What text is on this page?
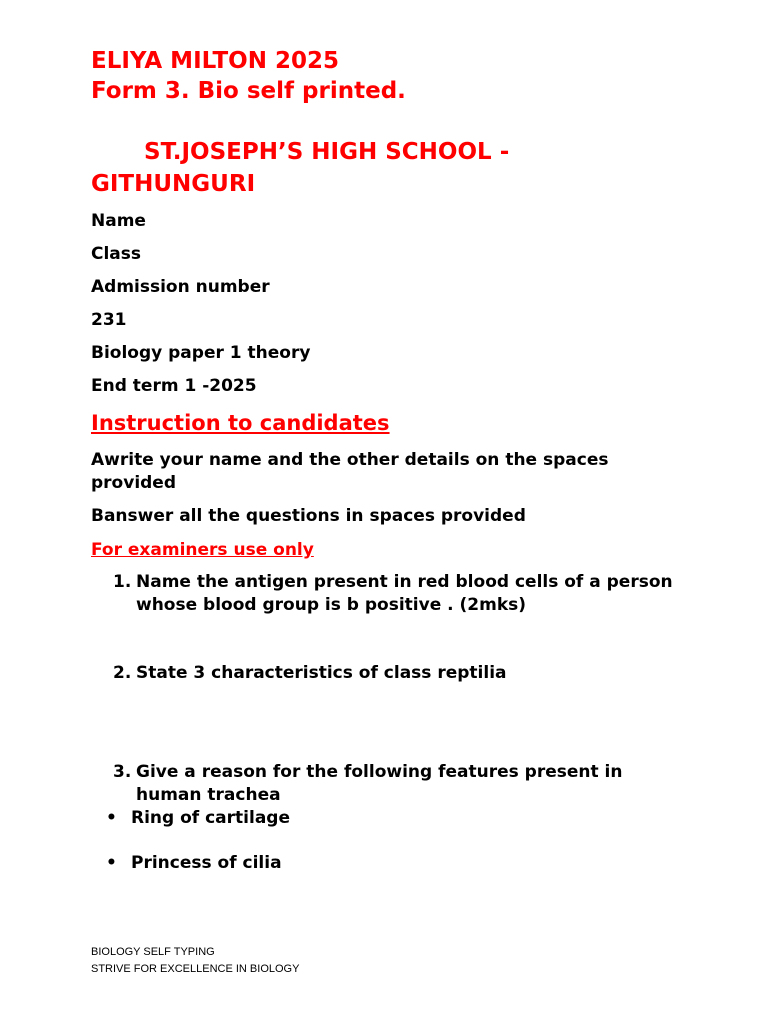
ELIYA MILTON 2025
Form 3. Bio self printed.
ST.JOSEPH’S HIGH SCHOOL -
GITHUNGURI
Name
Class
Admission number
231
Biology paper 1 theory
End term 1 -2025
Instruction to candidates
Awrite your name and the other details on the spaces provided
Banswer all the questions in spaces provided
For examiners use only
1. Name the antigen present in red blood cells of a person whose blood group is b positive . (2mks)
2. State 3 characteristics of class reptilia
3. Give a reason for the following features present in human trachea
• Ring of cartilage
• Princess of cilia
BIOLOGY SELF TYPING
STRIVE FOR EXCELLENCE IN BIOLOGY
